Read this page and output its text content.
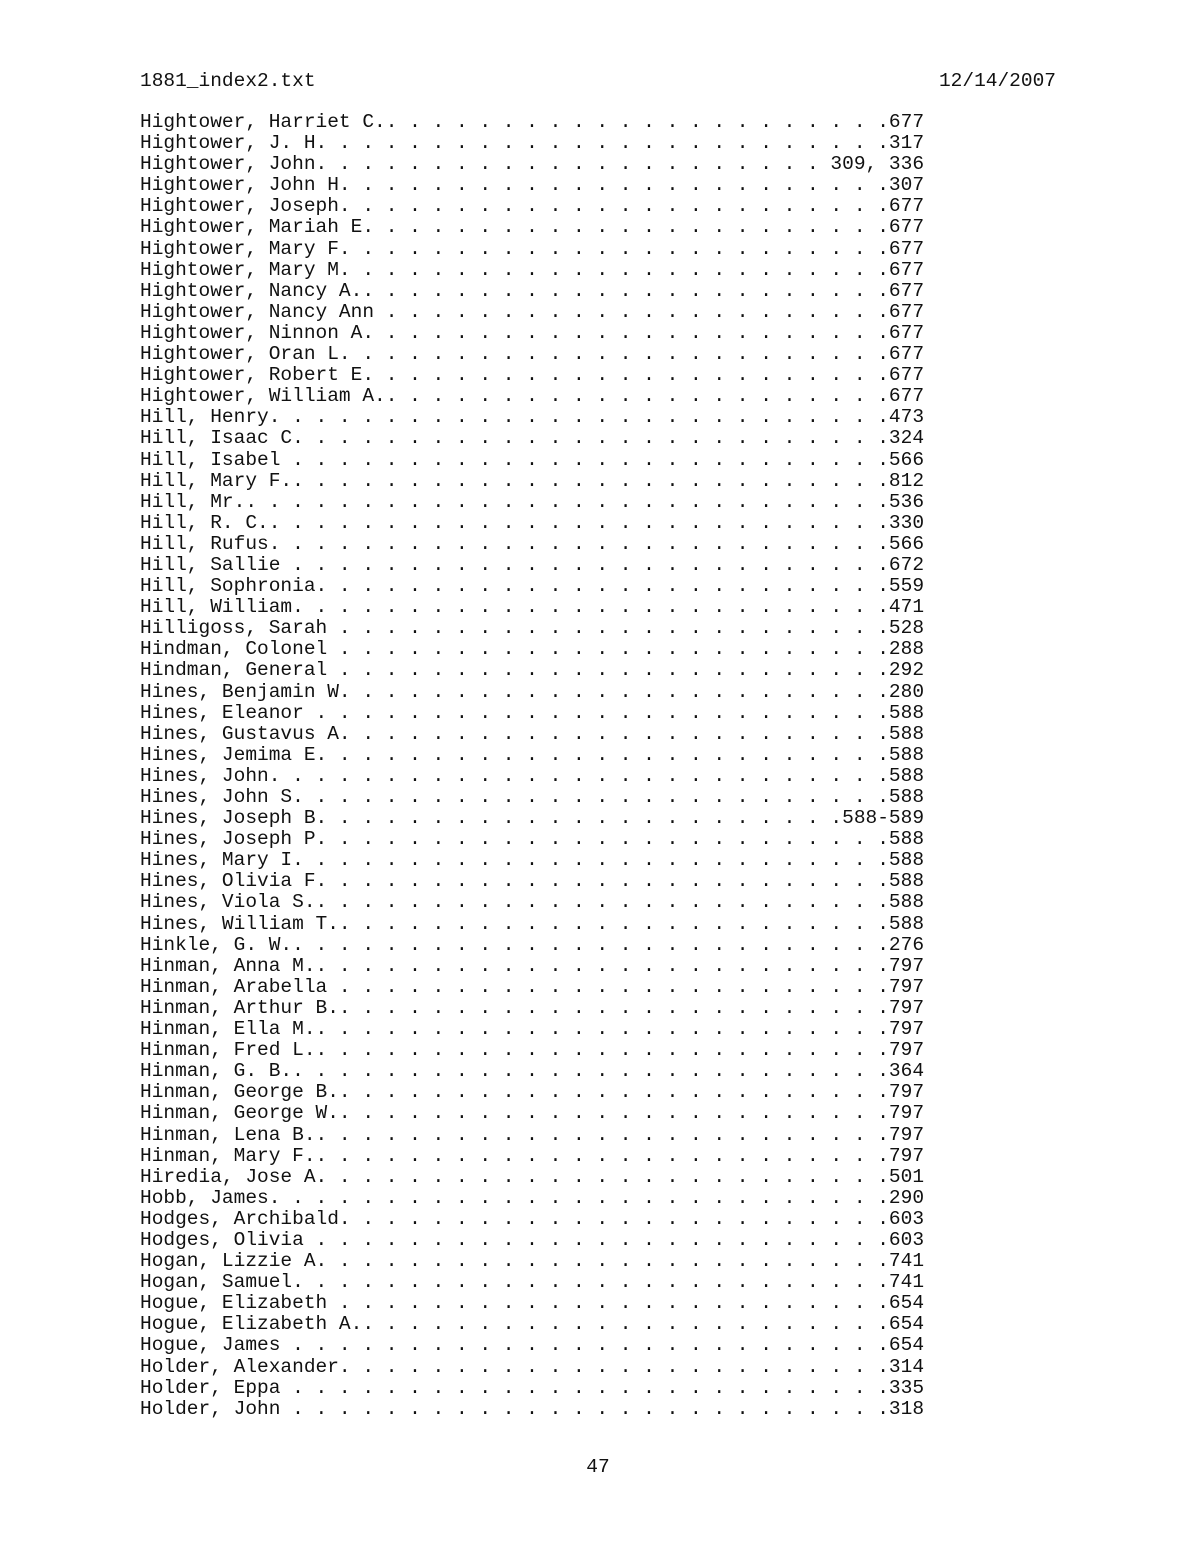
1881_index2.txt	12/14/2007
Hightower, Harriet C.. . . . . . . . . . . . . . . . . . . . . .677
Hightower, J. H. . . . . . . . . . . . . . . . . . . . . . . . .317
Hightower, John. . . . . . . . . . . . . . . . . . . . . . 309, 336
Hightower, John H. . . . . . . . . . . . . . . . . . . . . . . .307
Hightower, Joseph. . . . . . . . . . . . . . . . . . . . . . . .677
Hightower, Mariah E. . . . . . . . . . . . . . . . . . . . . . .677
Hightower, Mary F. . . . . . . . . . . . . . . . . . . . . . . .677
Hightower, Mary M. . . . . . . . . . . . . . . . . . . . . . . .677
Hightower, Nancy A.. . . . . . . . . . . . . . . . . . . . . . .677
Hightower, Nancy Ann . . . . . . . . . . . . . . . . . . . . . .677
Hightower, Ninnon A. . . . . . . . . . . . . . . . . . . . . . .677
Hightower, Oran L. . . . . . . . . . . . . . . . . . . . . . . .677
Hightower, Robert E. . . . . . . . . . . . . . . . . . . . . . .677
Hightower, William A.. . . . . . . . . . . . . . . . . . . . . .677
Hill, Henry. . . . . . . . . . . . . . . . . . . . . . . . . . .473
Hill, Isaac C. . . . . . . . . . . . . . . . . . . . . . . . . .324
Hill, Isabel . . . . . . . . . . . . . . . . . . . . . . . . . .566
Hill, Mary F.. . . . . . . . . . . . . . . . . . . . . . . . . .812
Hill, Mr.. . . . . . . . . . . . . . . . . . . . . . . . . . . .536
Hill, R. C.. . . . . . . . . . . . . . . . . . . . . . . . . . .330
Hill, Rufus. . . . . . . . . . . . . . . . . . . . . . . . . . .566
Hill, Sallie . . . . . . . . . . . . . . . . . . . . . . . . . .672
Hill, Sophronia. . . . . . . . . . . . . . . . . . . . . . . . .559
Hill, William. . . . . . . . . . . . . . . . . . . . . . . . . .471
Hilligoss, Sarah . . . . . . . . . . . . . . . . . . . . . . . .528
Hindman, Colonel . . . . . . . . . . . . . . . . . . . . . . . .288
Hindman, General . . . . . . . . . . . . . . . . . . . . . . . .292
Hines, Benjamin W. . . . . . . . . . . . . . . . . . . . . . . .280
Hines, Eleanor . . . . . . . . . . . . . . . . . . . . . . . . .588
Hines, Gustavus A. . . . . . . . . . . . . . . . . . . . . . . .588
Hines, Jemima E. . . . . . . . . . . . . . . . . . . . . . . . .588
Hines, John. . . . . . . . . . . . . . . . . . . . . . . . . . .588
Hines, John S. . . . . . . . . . . . . . . . . . . . . . . . . .588
Hines, Joseph B. . . . . . . . . . . . . . . . . . . . . . .588-589
Hines, Joseph P. . . . . . . . . . . . . . . . . . . . . . . . .588
Hines, Mary I. . . . . . . . . . . . . . . . . . . . . . . . . .588
Hines, Olivia F. . . . . . . . . . . . . . . . . . . . . . . . .588
Hines, Viola S.. . . . . . . . . . . . . . . . . . . . . . . . .588
Hines, William T.. . . . . . . . . . . . . . . . . . . . . . . .588
Hinkle, G. W.. . . . . . . . . . . . . . . . . . . . . . . . . .276
Hinman, Anna M.. . . . . . . . . . . . . . . . . . . . . . . . .797
Hinman, Arabella . . . . . . . . . . . . . . . . . . . . . . . .797
Hinman, Arthur B.. . . . . . . . . . . . . . . . . . . . . . . .797
Hinman, Ella M.. . . . . . . . . . . . . . . . . . . . . . . . .797
Hinman, Fred L.. . . . . . . . . . . . . . . . . . . . . . . . .797
Hinman, G. B.. . . . . . . . . . . . . . . . . . . . . . . . . .364
Hinman, George B.. . . . . . . . . . . . . . . . . . . . . . . .797
Hinman, George W.. . . . . . . . . . . . . . . . . . . . . . . .797
Hinman, Lena B.. . . . . . . . . . . . . . . . . . . . . . . . .797
Hinman, Mary F.. . . . . . . . . . . . . . . . . . . . . . . . .797
Hiredia, Jose A. . . . . . . . . . . . . . . . . . . . . . . . .501
Hobb, James. . . . . . . . . . . . . . . . . . . . . . . . . . .290
Hodges, Archibald. . . . . . . . . . . . . . . . . . . . . . . .603
Hodges, Olivia . . . . . . . . . . . . . . . . . . . . . . . . .603
Hogan, Lizzie A. . . . . . . . . . . . . . . . . . . . . . . . .741
Hogan, Samuel. . . . . . . . . . . . . . . . . . . . . . . . . .741
Hogue, Elizabeth . . . . . . . . . . . . . . . . . . . . . . . .654
Hogue, Elizabeth A.. . . . . . . . . . . . . . . . . . . . . . .654
Hogue, James . . . . . . . . . . . . . . . . . . . . . . . . . .654
Holder, Alexander. . . . . . . . . . . . . . . . . . . . . . . .314
Holder, Eppa . . . . . . . . . . . . . . . . . . . . . . . . . .335
Holder, John . . . . . . . . . . . . . . . . . . . . . . . . . .318
47
